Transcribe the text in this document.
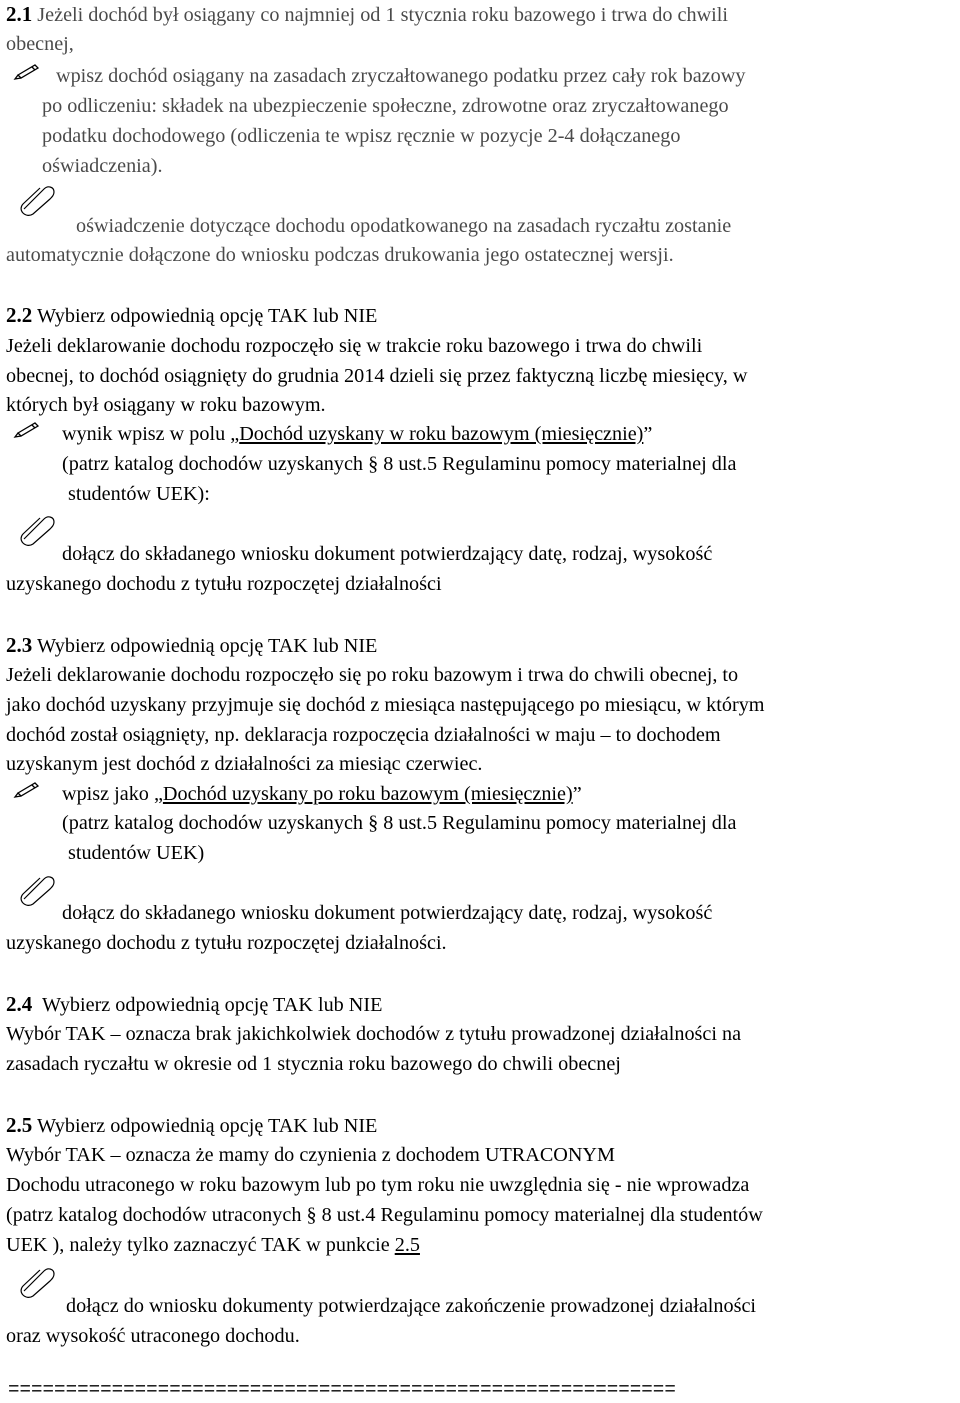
2.1 Jeżeli dochód był osiągany co najmniej od 1 stycznia roku bazowego i trwa do chwili
obecnej,
wpisz dochód osiągany na zasadach zryczałtowanego podatku przez cały rok bazowy
po odliczeniu: składek na ubezpieczenie społeczne, zdrowotne oraz zryczałtowanego
podatku dochodowego (odliczenia te wpisz ręcznie w pozycje 2-4 dołączanego
oświadczenia).
oświadczenie dotyczące dochodu opodatkowanego na zasadach ryczałtu zostanie
automatycznie dołączone do wniosku podczas drukowania jego ostatecznej wersji.
2.2 Wybierz odpowiednią opcję TAK lub NIE
Jeżeli deklarowanie dochodu rozpoczęło się w trakcie roku bazowego i trwa do chwili
obecnej, to dochód osiągnięty do grudnia 2014 dzieli się przez faktyczną liczbę miesięcy, w
których był osiągany w roku bazowym.
wynik wpisz w polu „Dochód uzyskany w roku bazowym (miesięcznie)”
(patrz katalog dochodów uzyskanych § 8 ust.5 Regulaminu pomocy materialnej dla
studentów UEK):
dołącz do składanego wniosku dokument potwierdzający datę, rodzaj, wysokość
uzyskanego dochodu z tytułu rozpoczętej działalności
2.3 Wybierz odpowiednią opcję TAK lub NIE
Jeżeli deklarowanie dochodu rozpoczęło się po roku bazowym i trwa do chwili obecnej, to
jako dochód uzyskany przyjmuje się dochód z miesiąca następującego po miesiącu, w którym
dochód został osiągnięty, np. deklaracja rozpoczęcia działalności w maju – to dochodem
uzyskanym jest dochód z działalności za miesiąc czerwiec.
wpisz jako „Dochód uzyskany po roku bazowym (miesięcznie)”
(patrz katalog dochodów uzyskanych § 8 ust.5 Regulaminu pomocy materialnej dla
studentów UEK)
dołącz do składanego wniosku dokument potwierdzający datę, rodzaj, wysokość
uzyskanego dochodu z tytułu rozpoczętej działalności.
2.4 Wybierz odpowiednią opcję TAK lub NIE
Wybór TAK – oznacza brak jakichkolwiek dochodów z tytułu prowadzonej działalności na
zasadach ryczałtu w okresie od 1 stycznia roku bazowego do chwili obecnej
2.5 Wybierz odpowiednią opcję TAK lub NIE
Wybór TAK – oznacza że mamy do czynienia z dochodem UTRACONYM
Dochodu utraconego w roku bazowym lub po tym roku nie uwzględnia się - nie wprowadza
(patrz katalog dochodów utraconych § 8 ust.4 Regulaminu pomocy materialnej dla studentów
UEK ), należy tylko zaznaczyć TAK w punkcie 2.5
dołącz do wniosku dokumenty potwierdzające zakończenie prowadzonej działalności
oraz wysokość utraconego dochodu.
==========================================================
